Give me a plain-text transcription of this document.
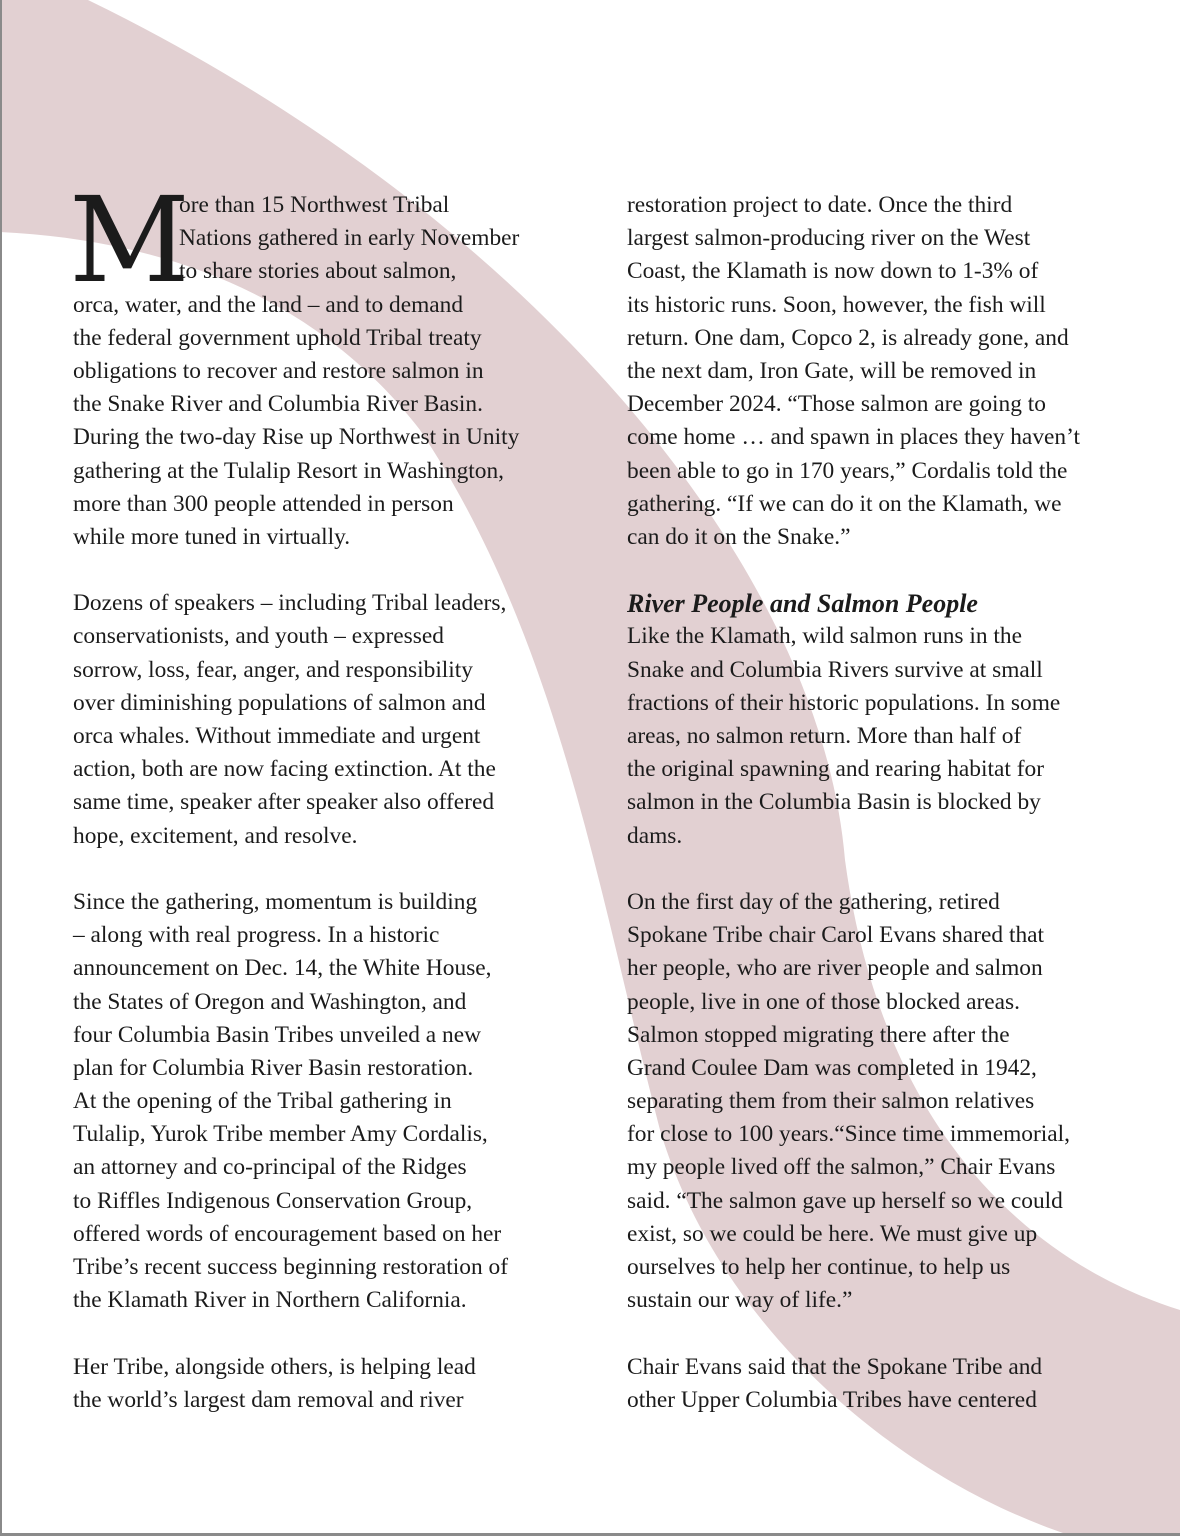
M
ore than 15 Northwest Tribal
Nations gathered in early November
to share stories about salmon,
orca, water, and the land – and to demand
the federal government uphold Tribal treaty
obligations to recover and restore salmon in
the Snake River and Columbia River Basin.
During the two-day Rise up Northwest in Unity
gathering at the Tulalip Resort in Washington,
more than 300 people attended in person
while more tuned in virtually.
Dozens of speakers – including Tribal leaders,
conservationists, and youth – expressed
sorrow, loss, fear, anger, and responsibility
over diminishing populations of salmon and
orca whales. Without immediate and urgent
action, both are now facing extinction. At the
same time, speaker after speaker also offered
hope, excitement, and resolve.
Since the gathering, momentum is building
– along with real progress. In a historic
announcement on Dec. 14, the White House,
the States of Oregon and Washington, and
four Columbia Basin Tribes unveiled a new
plan for Columbia River Basin restoration.
At the opening of the Tribal gathering in
Tulalip, Yurok Tribe member Amy Cordalis,
an attorney and co-principal of the Ridges
to Riffles Indigenous Conservation Group,
offered words of encouragement based on her
Tribe’s recent success beginning restoration of
the Klamath River in Northern California.
Her Tribe, alongside others, is helping lead
the world’s largest dam removal and river
restoration project to date. Once the third
largest salmon-producing river on the West
Coast, the Klamath is now down to 1-3% of
its historic runs. Soon, however, the fish will
return. One dam, Copco 2, is already gone, and
the next dam, Iron Gate, will be removed in
December 2024. “Those salmon are going to
come home … and spawn in places they haven’t
been able to go in 170 years,” Cordalis told the
gathering. “If we can do it on the Klamath, we
can do it on the Snake.”
River People and Salmon People
Like the Klamath, wild salmon runs in the
Snake and Columbia Rivers survive at small
fractions of their historic populations. In some
areas, no salmon return. More than half of
the original spawning and rearing habitat for
salmon in the Columbia Basin is blocked by
dams.
On the first day of the gathering, retired
Spokane Tribe chair Carol Evans shared that
her people, who are river people and salmon
people, live in one of those blocked areas.
Salmon stopped migrating there after the
Grand Coulee Dam was completed in 1942,
separating them from their salmon relatives
for close to 100 years.“Since time immemorial,
my people lived off the salmon,” Chair Evans
said. “The salmon gave up herself so we could
exist, so we could be here. We must give up
ourselves to help her continue, to help us
sustain our way of life.”
Chair Evans said that the Spokane Tribe and
other Upper Columbia Tribes have centered
